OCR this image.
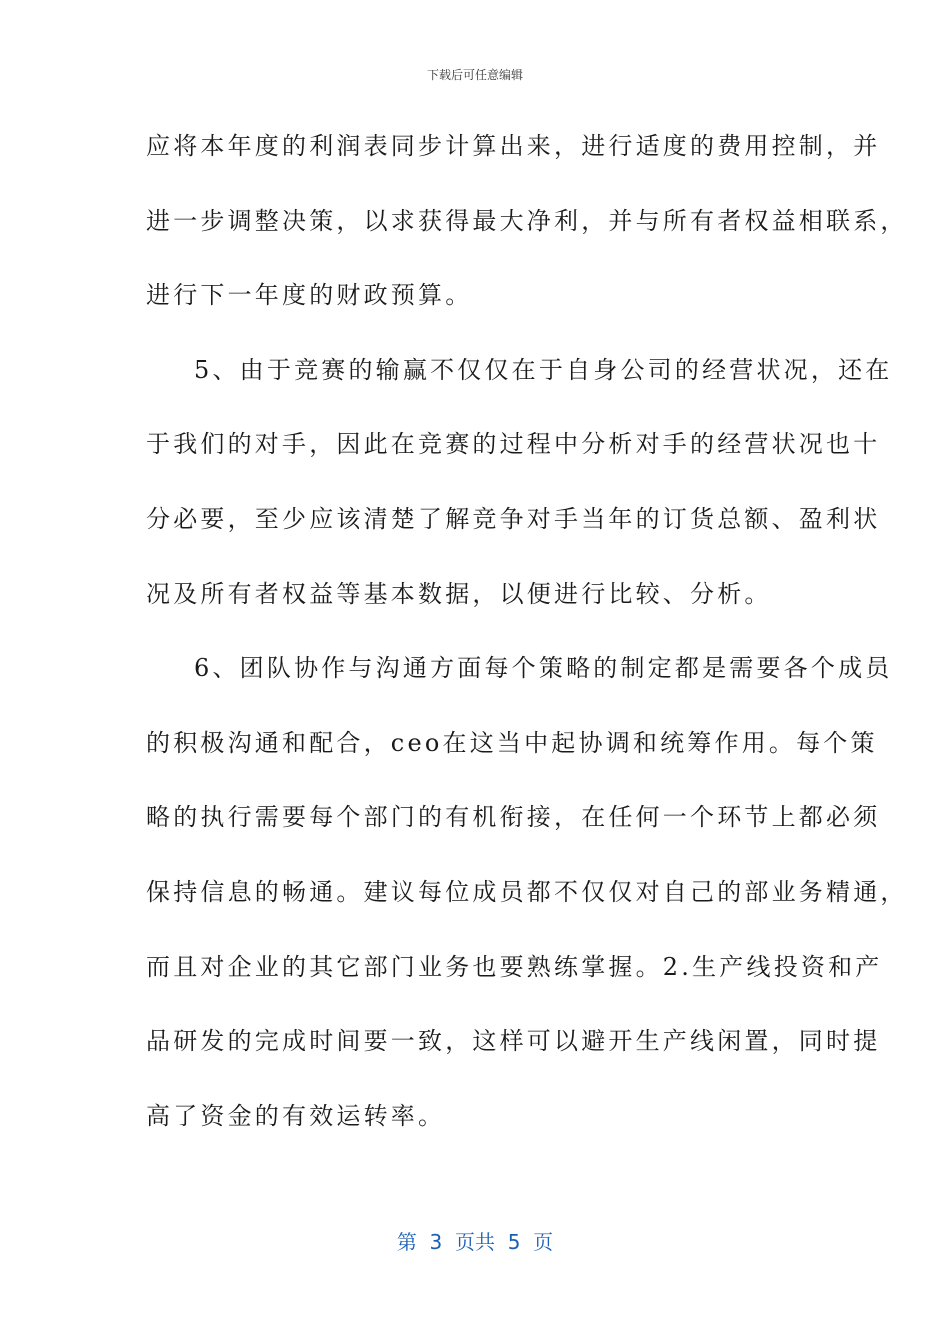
下载后可任意编辑
应将本年度的利润表同步计算出来，进行适度的费用控制，并
进一步调整决策，以求获得最大净利，并与所有者权益相联系，
进行下一年度的财政预算。
5、由于竞赛的输赢不仅仅在于自身公司的经营状况，还在
于我们的对手，因此在竞赛的过程中分析对手的经营状况也十
分必要，至少应该清楚了解竞争对手当年的订货总额、盈利状
况及所有者权益等基本数据，以便进行比较、分析。
6、团队协作与沟通方面每个策略的制定都是需要各个成员
的积极沟通和配合，ceo在这当中起协调和统筹作用。每个策
略的执行需要每个部门的有机衔接，在任何一个环节上都必须
保持信息的畅通。建议每位成员都不仅仅对自己的部业务精通，
而且对企业的其它部门业务也要熟练掌握。2.生产线投资和产
品研发的完成时间要一致，这样可以避开生产线闲置，同时提
高了资金的有效运转率。
第  3  页共  5  页
